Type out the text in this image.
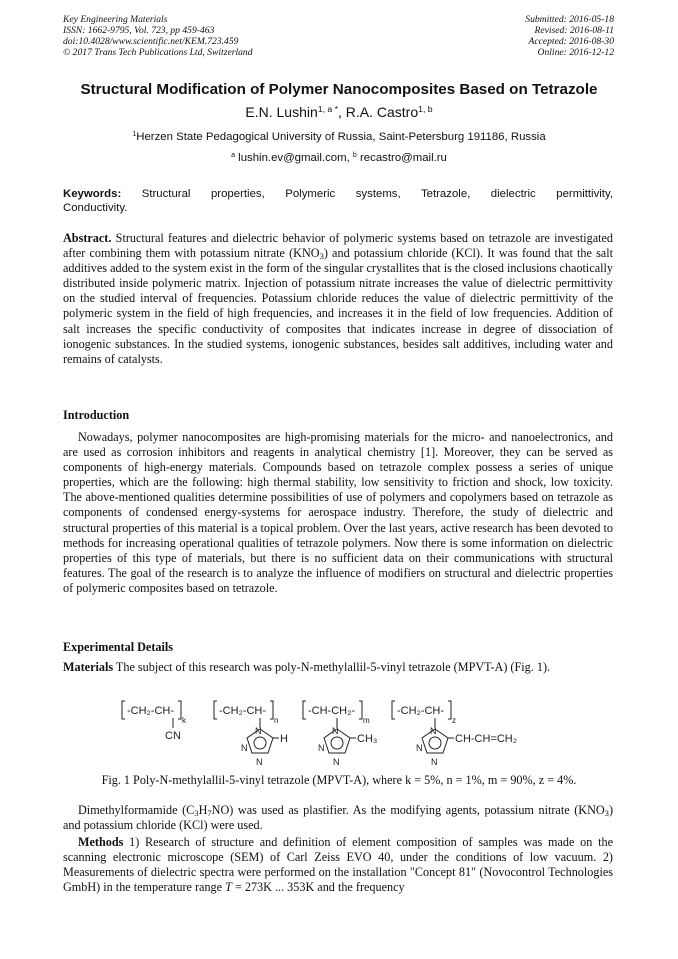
Key Engineering Materials
ISSN: 1662-9795, Vol. 723, pp 459-463
doi:10.4028/www.scientific.net/KEM.723.459
© 2017 Trans Tech Publications Ltd, Switzerland
Submitted: 2016-05-18
Revised: 2016-08-11
Accepted: 2016-08-30
Online: 2016-12-12
Structural Modification of Polymer Nanocomposites Based on Tetrazole
E.N. Lushin$^{1, a *}$, R.A. Castro$^{1, b}$
$^1$Herzen State Pedagogical University of Russia, Saint-Petersburg 191186, Russia
$^a$ lushin.ev@gmail.com, $^b$ recastro@mail.ru
Keywords: Structural properties, Polymeric systems, Tetrazole, dielectric permittivity,
Conductivity.
Abstract. Structural features and dielectric behavior of polymeric systems based on tetrazole are investigated after combining them with potassium nitrate $(KNO_3)$ and potassium chloride (KCl). It was found that the salt additives added to the system exist in the form of the singular crystallites that is the closed inclusions chaotically distributed inside polymeric matrix. Injection of potassium nitrate increases the value of dielectric permittivity on the studied interval of frequencies. Potassium chloride reduces the value of dielectric permittivity of the polymeric system in the field of high frequencies, and increases it in the field of low frequencies. Addition of salt increases the specific conductivity of composites that indicates increase in degree of dissociation of ionogenic substances. In the studied systems, ionogenic substances, besides salt additives, including water and remains of catalysts.
Introduction
Nowadays, polymer nanocomposites are high-promising materials for the micro- and nanoelectronics, and are used as corrosion inhibitors and reagents in analytical chemistry [1]. Moreover, they can be served as components of high-energy materials. Compounds based on tetrazole complex possess a series of unique properties, which are the following: high thermal stability, low sensitivity to friction and shock, low toxicity. The above-mentioned qualities determine possibilities of use of polymers and copolymers based on tetrazole as components of condensed energy-systems for aerospace industry. Therefore, the study of dielectric and structural properties of this material is a topical problem. Over the last years, active research has been devoted to methods for increasing operational qualities of tetrazole polymers. Now there is some information on dielectric properties of this type of materials, but there is no sufficient data on their communications with structural features. The goal of the research is to analyze the influence of modifiers on structural and dielectric properties of polymeric composites based on tetrazole.
Experimental Details
Materials The subject of this research was poly-N-methylallil-5-vinyl tetrazole (MPVT-A) (Fig. 1).
-CH₂-CH-
k
CN
-CH₂-CH-
n
H
-CH-CH₂-
m
CH₃
-CH₂-CH-
z
CH-CH=CH₂
N
N
N
N
N
N
N
N
N
Fig. 1 Poly-N-methylallil-5-vinyl tetrazole (MPVT-A), where k = 5%, n = 1%, m = 90%, z = 4%.
Dimethylformamide $(C_3H_7NO)$ was used as plastifier. As the modifying agents, potassium nitrate $(KNO_3)$ and potassium chloride (KCl) were used.
Methods 1) Research of structure and definition of element composition of samples was made on the scanning electronic microscope (SEM) of Carl Zeiss EVO 40, under the conditions of low vacuum. 2) Measurements of dielectric spectra were performed on the installation "Concept 81" (Novocontrol Technologies GmbH) in the temperature range T = 273K ... 353K and the frequency
